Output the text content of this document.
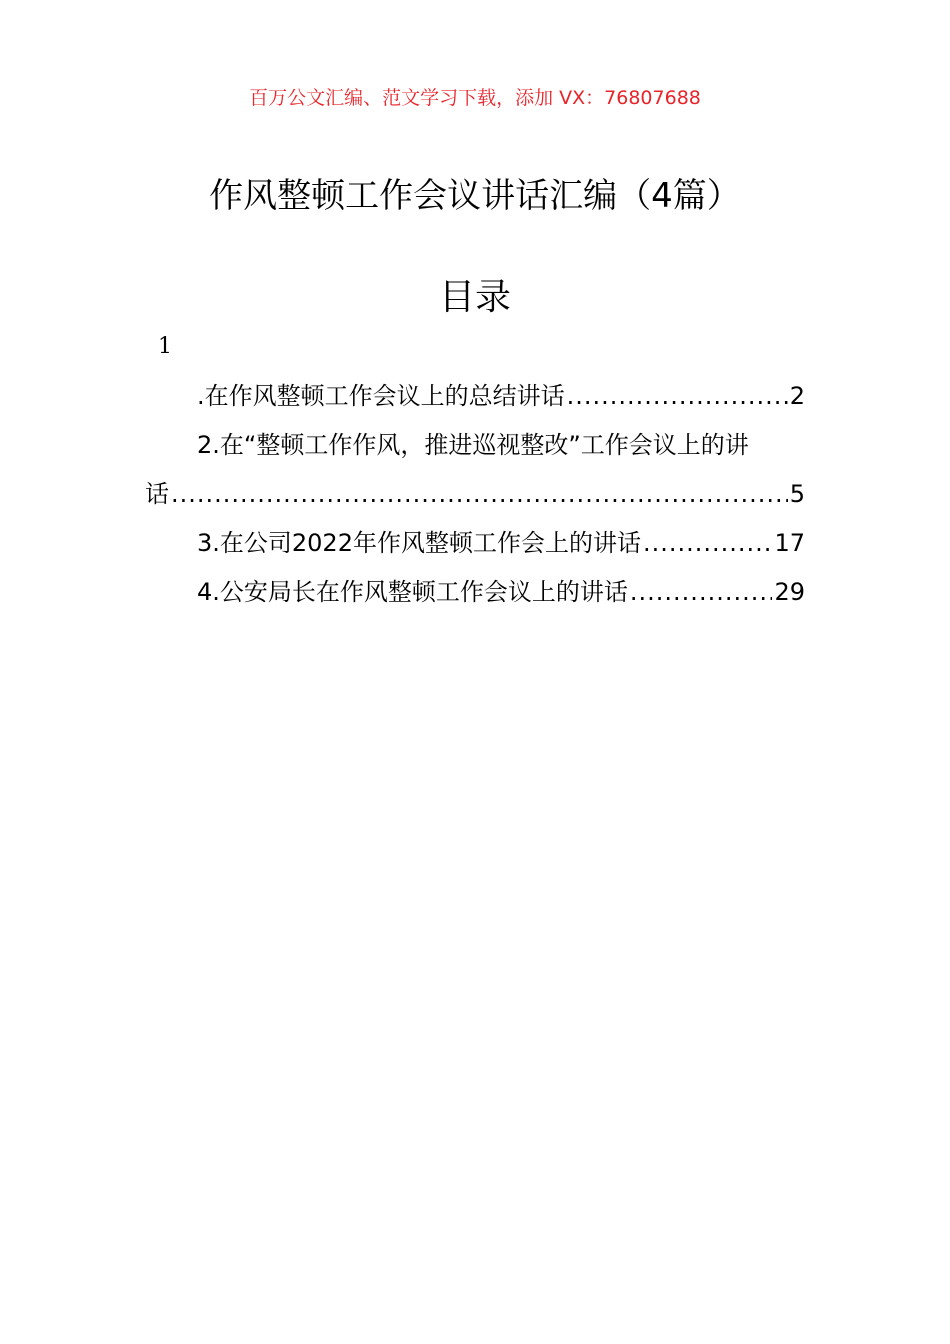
百万公文汇编、范文学习下载，添加 VX：76807688
作风整顿工作会议讲话汇编（4篇）
目录
1
.在作风整顿工作会议上的总结讲话 .....	2
2.在“整顿工作作风，推进巡视整改”工作会议上的讲
话 .....	5
3.在公司2022年作风整顿工作会上的讲话 .....	17
4.公安局长在作风整顿工作会议上的讲话 .....	29
